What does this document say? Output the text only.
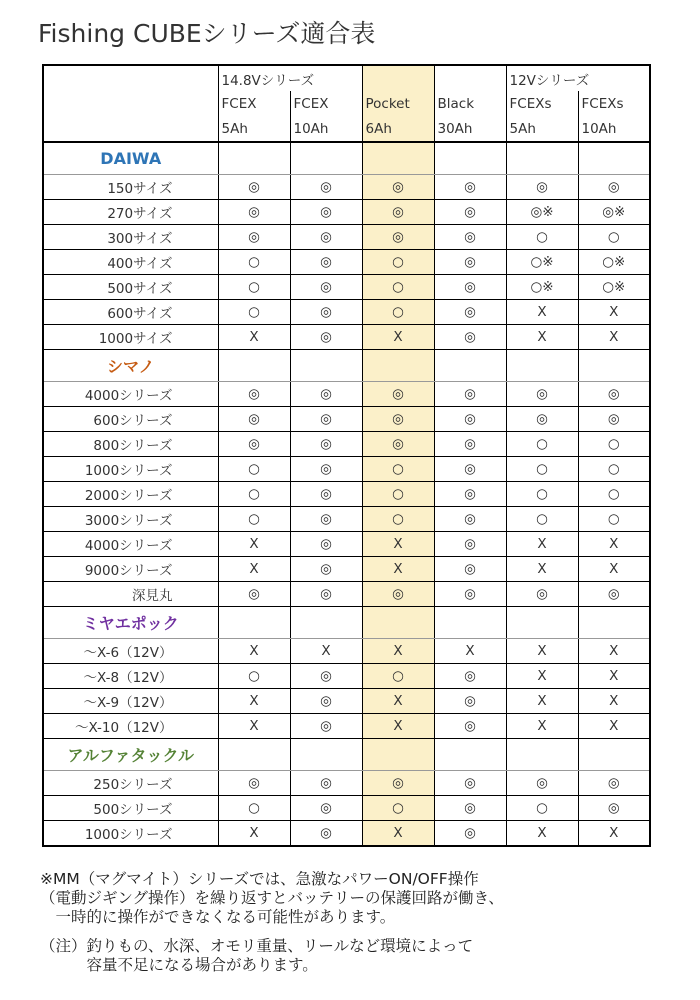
Fishing CUBEシリーズ適合表
	14.8Vシリーズ				12Vシリーズ	
	FCEX	FCEX	Pocket	Black	FCEXs	FCEXs
	5Ah	10Ah	6Ah	30Ah	5Ah	10Ah
DAIWA						
150サイズ	◎	◎	◎	◎	◎	◎
270サイズ	◎	◎	◎	◎	◎※	◎※
300サイズ	◎	◎	◎	◎	○	○
400サイズ	○	◎	○	◎	○※	○※
500サイズ	○	◎	○	◎	○※	○※
600サイズ	○	◎	○	◎	X	X
1000サイズ	X	◎	X	◎	X	X
シマノ						
4000シリーズ	◎	◎	◎	◎	◎	◎
600シリーズ	◎	◎	◎	◎	◎	◎
800シリーズ	◎	◎	◎	◎	○	○
1000シリーズ	○	◎	○	◎	○	○
2000シリーズ	○	◎	○	◎	○	○
3000シリーズ	○	◎	○	◎	○	○
4000シリーズ	X	◎	X	◎	X	X
9000シリーズ	X	◎	X	◎	X	X
深見丸	◎	◎	◎	◎	◎	◎
ミヤエポック						
～X-6（12V）	X	X	X	X	X	X
～X-8（12V）	○	◎	○	◎	X	X
～X-9（12V）	X	◎	X	◎	X	X
～X-10（12V）	X	◎	X	◎	X	X
アルファタックル						
250シリーズ	◎	◎	◎	◎	◎	◎
500シリーズ	○	◎	○	◎	○	◎
1000シリーズ	X	◎	X	◎	X	X
※MM（マグマイト）シリーズでは、急激なパワーON/OFF操作
（電動ジギング操作）を繰り返すとバッテリーの保護回路が働き、
　一時的に操作ができなくなる可能性があります。
（注）釣りもの、水深、オモリ重量、リールなど環境によって
　　　容量不足になる場合があります。
